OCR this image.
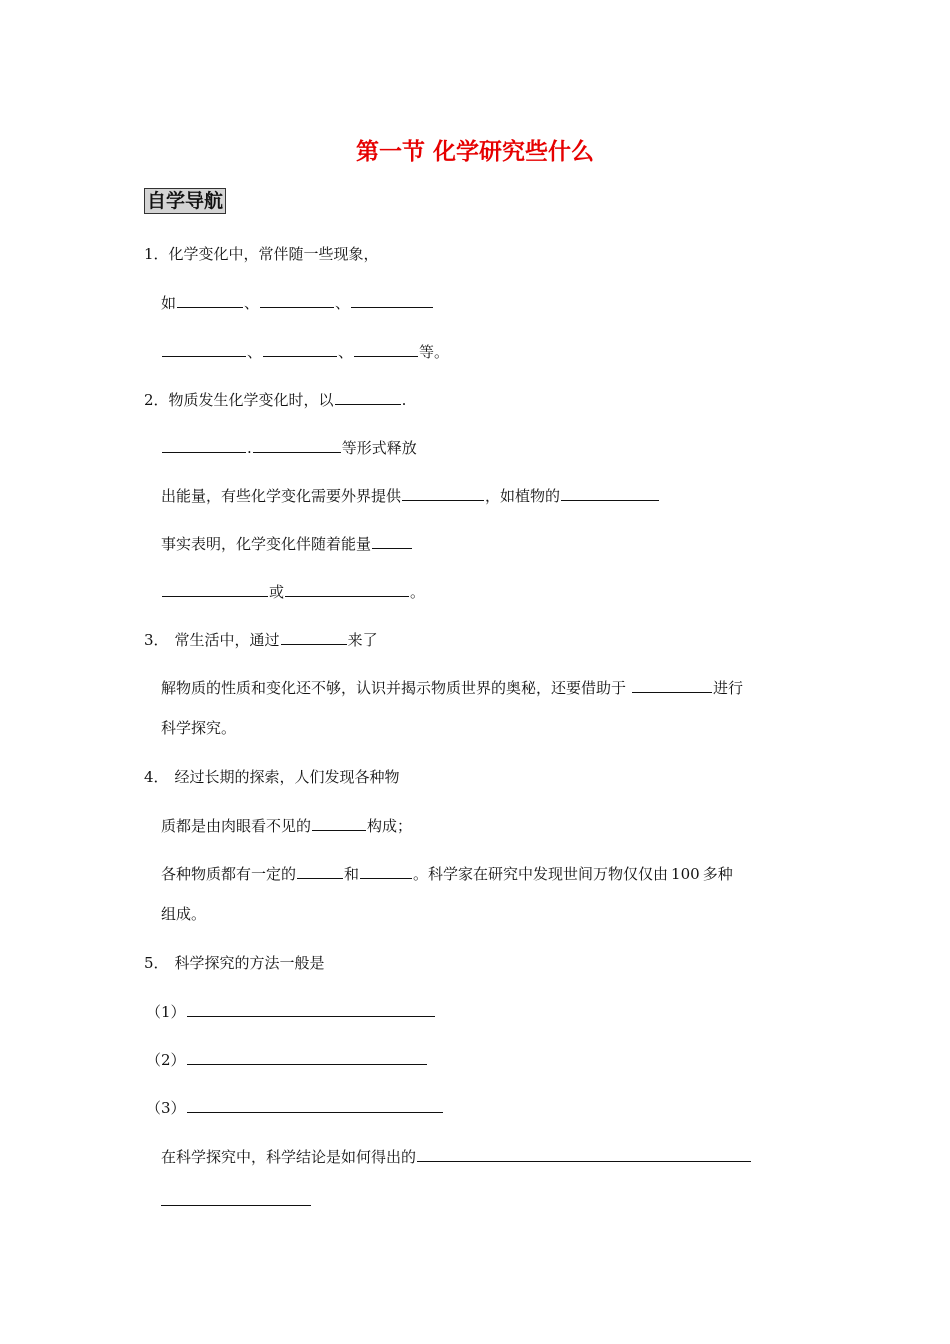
第一节 化学研究些什么
自学导航
1．化学变化中，常伴随一些现象，
如	、	、
、	、	等。
2．物质发生化学变化时，以	.
.	等形式释放
出能量，有些化学变化需要外界提供	，如植物的
事实表明，化学变化伴随着能量
或	。
3． 常生活中，通过	来了
解物质的性质和变化还不够，认识并揭示物质世界的奥秘，还要借助于	进行
科学探究。
4． 经过长期的探索，人们发现各种物
质都是由肉眼看不见的	构成；
各种物质都有一定的	和	。科学家在研究中发现世间万物仅仅由 100 多种
组成。
5． 科学探究的方法一般是
（1）
（2）
（3）
在科学探究中，科学结论是如何得出的
